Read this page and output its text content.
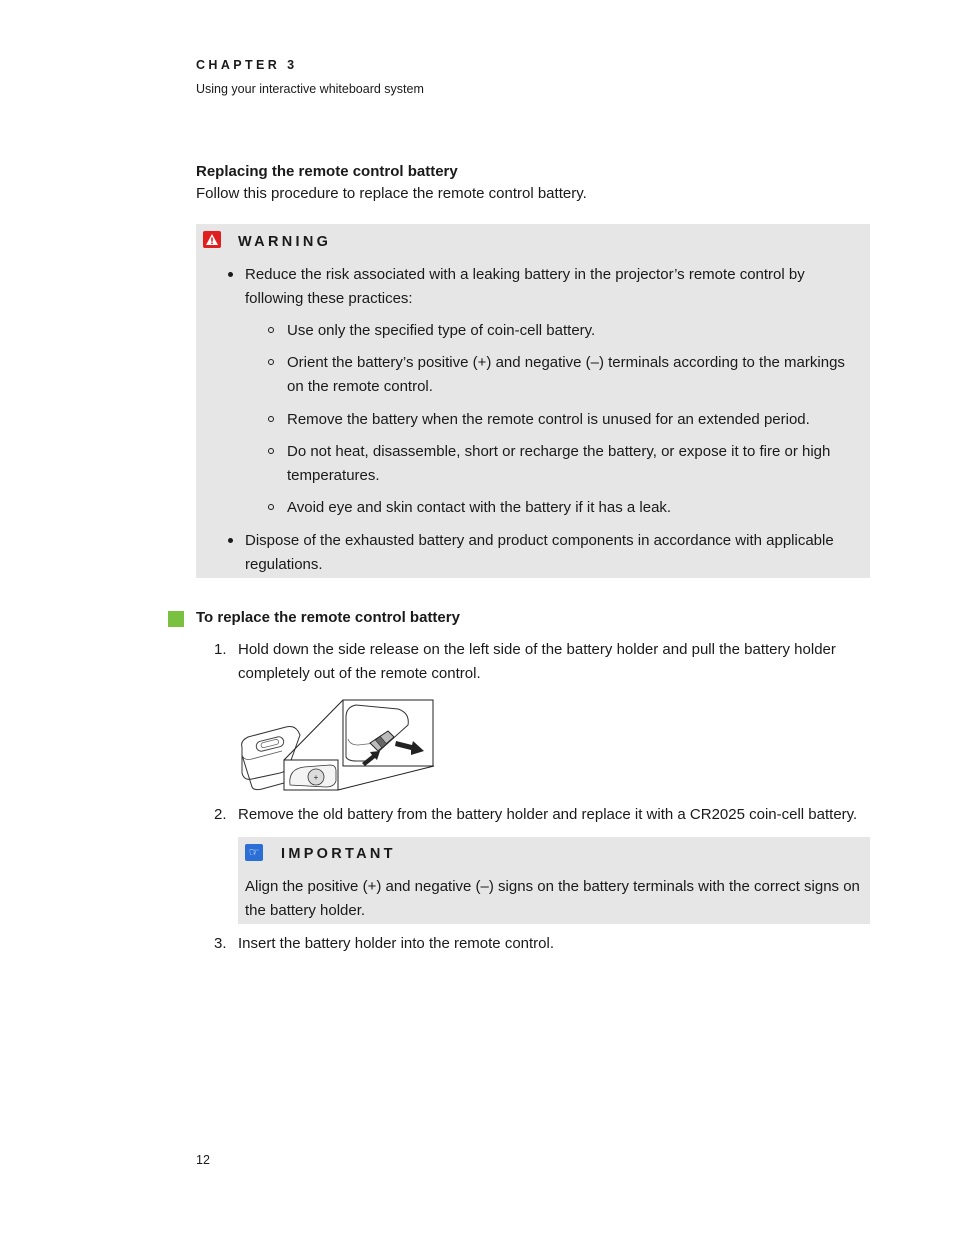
CHAPTER 3
Using your interactive whiteboard system
Replacing the remote control battery
Follow this procedure to replace the remote control battery.
WARNING
Reduce the risk associated with a leaking battery in the projector’s remote control by following these practices:
Use only the specified type of coin-cell battery.
Orient the battery’s positive (+) and negative (–) terminals according to the markings on the remote control.
Remove the battery when the remote control is unused for an extended period.
Do not heat, disassemble, short or recharge the battery, or expose it to fire or high temperatures.
Avoid eye and skin contact with the battery if it has a leak.
Dispose of the exhausted battery and product components in accordance with applicable regulations.
To replace the remote control battery
1. Hold down the side release on the left side of the battery holder and pull the battery holder completely out of the remote control.
+
2. Remove the old battery from the battery holder and replace it with a CR2025 coin-cell battery.
☞ IMPORTANT
Align the positive (+) and negative (–) signs on the battery terminals with the correct signs on the battery holder.
3. Insert the battery holder into the remote control.
12
